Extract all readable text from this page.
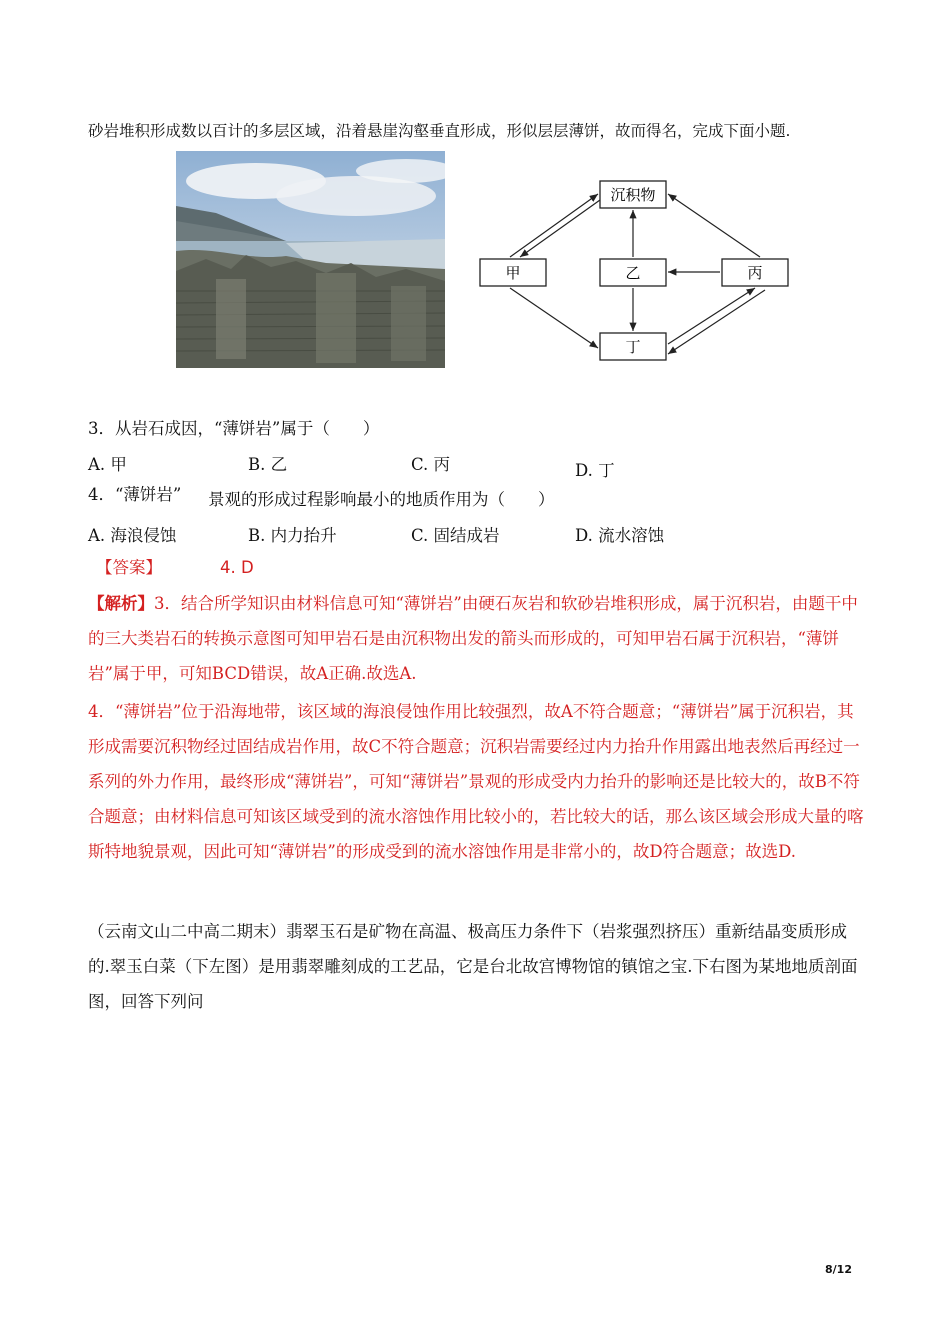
砂岩堆积形成数以百计的多层区域，沿着悬崖沟壑垂直形成，形似层层薄饼，故而得名，完成下面小题.
沉积物
甲	乙	丙
丁
3．从岩石成因，“薄饼岩”属于（　　）
A. 甲	B. 乙	C. 丙	D. 丁
4．“薄饼岩” 景观的形成过程影响最小的地质作用为（　　）
A. 海浪侵蚀	B. 内力抬升	C. 固结成岩	D. 流水溶蚀
【答案】	4. D
【解析】3．结合所学知识由材料信息可知“薄饼岩”由硬石灰岩和软砂岩堆积形成，属于沉积岩，由题干中的三大类岩石的转换示意图可知甲岩石是由沉积物出发的箭头而形成的，可知甲岩石属于沉积岩，“薄饼岩”属于甲，可知BCD错误，故A正确.故选A.
4．“薄饼岩”位于沿海地带，该区域的海浪侵蚀作用比较强烈，故A不符合题意；“薄饼岩”属于沉积岩，其形成需要沉积物经过固结成岩作用，故C不符合题意；沉积岩需要经过内力抬升作用露出地表然后再经过一系列的外力作用，最终形成“薄饼岩”，可知“薄饼岩”景观的形成受内力抬升的影响还是比较大的，故B不符合题意；由材料信息可知该区域受到的流水溶蚀作用比较小的，若比较大的话，那么该区域会形成大量的喀斯特地貌景观，因此可知“薄饼岩”的形成受到的流水溶蚀作用是非常小的，故D符合题意；故选D.
（云南文山二中高二期末）翡翠玉石是矿物在高温、极高压力条件下（岩浆强烈挤压）重新结晶变质形成的.翠玉白菜（下左图）是用翡翠雕刻成的工艺品，它是台北故宫博物馆的镇馆之宝.下右图为某地地质剖面图，回答下列问
8/12
